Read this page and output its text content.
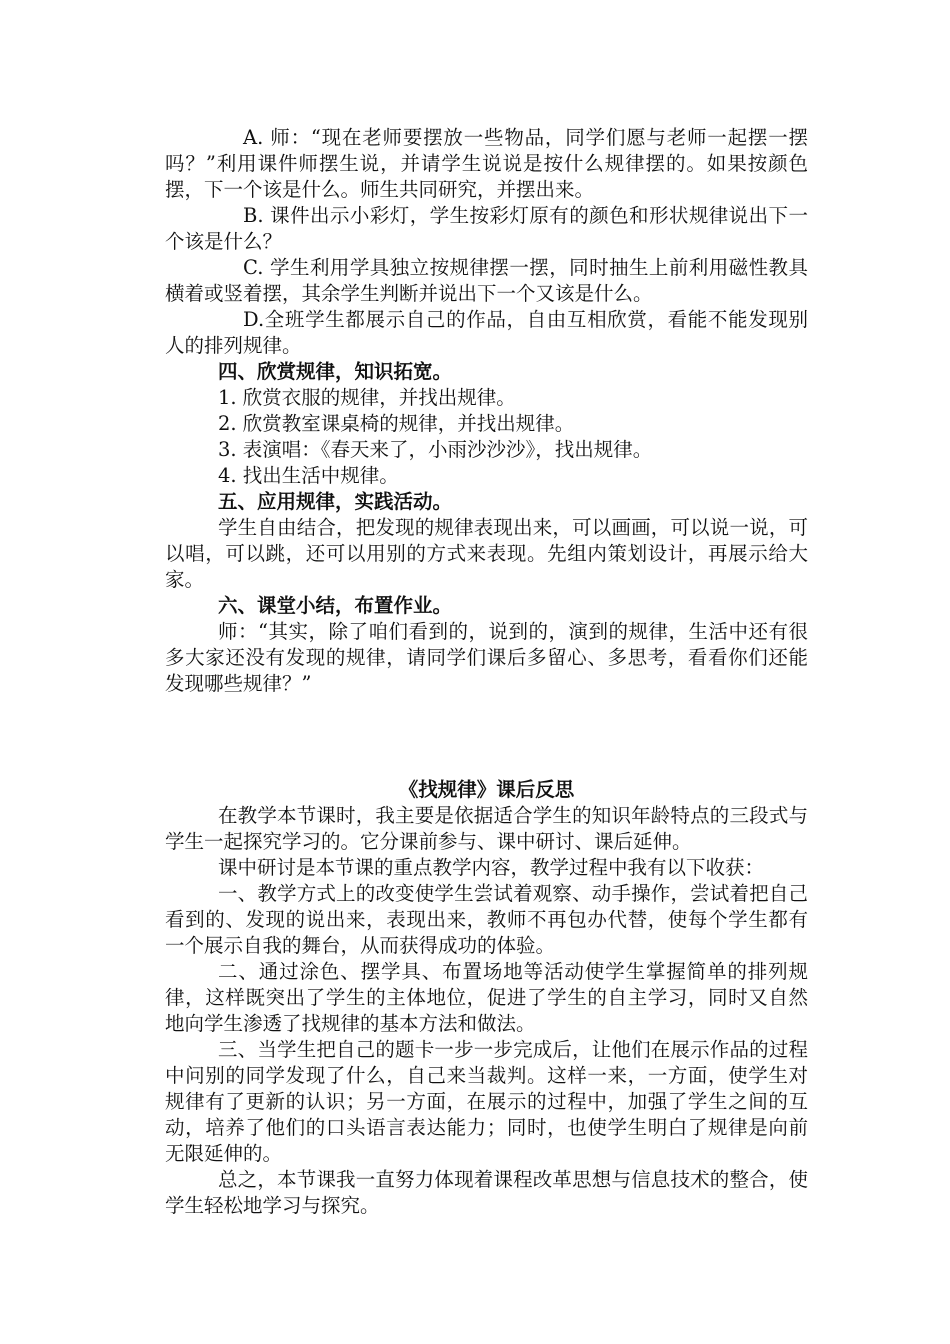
A. 师：“现在老师要摆放一些物品，同学们愿与老师一起摆一摆吗？”利用课件师摆生说，并请学生说说是按什么规律摆的。如果按颜色摆，下一个该是什么。师生共同研究，并摆出来。

B. 课件出示小彩灯，学生按彩灯原有的颜色和形状规律说出下一个该是什么？

C. 学生利用学具独立按规律摆一摆，同时抽生上前利用磁性教具横着或竖着摆，其余学生判断并说出下一个又该是什么。

D.全班学生都展示自己的作品，自由互相欣赏，看能不能发现别人的排列规律。

四、欣赏规律，知识拓宽。

1. 欣赏衣服的规律，并找出规律。

2. 欣赏教室课桌椅的规律，并找出规律。

3. 表演唱：《春天来了，小雨沙沙沙》，找出规律。

4. 找出生活中规律。

五、应用规律，实践活动。

学生自由结合，把发现的规律表现出来，可以画画，可以说一说，可以唱，可以跳，还可以用别的方式来表现。先组内策划设计，再展示给大家。

六、课堂小结，布置作业。

师：“其实，除了咱们看到的，说到的，演到的规律，生活中还有很多大家还没有发现的规律，请同学们课后多留心、多思考，看看你们还能发现哪些规律？”

《找规律》课后反思

在教学本节课时，我主要是依据适合学生的知识年龄特点的三段式与学生一起探究学习的。它分课前参与、课中研讨、课后延伸。

课中研讨是本节课的重点教学内容，教学过程中我有以下收获：

一、教学方式上的改变使学生尝试着观察、动手操作，尝试着把自己看到的、发现的说出来，表现出来，教师不再包办代替，使每个学生都有一个展示自我的舞台，从而获得成功的体验。

二、通过涂色、摆学具、布置场地等活动使学生掌握简单的排列规律，这样既突出了学生的主体地位，促进了学生的自主学习，同时又自然地向学生渗透了找规律的基本方法和做法。

三、当学生把自己的题卡一步一步完成后，让他们在展示作品的过程中问别的同学发现了什么，自己来当裁判。这样一来，一方面，使学生对规律有了更新的认识；另一方面，在展示的过程中，加强了学生之间的互动，培养了他们的口头语言表达能力；同时，也使学生明白了规律是向前无限延伸的。

总之，本节课我一直努力体现着课程改革思想与信息技术的整合，使学生轻松地学习与探究。
